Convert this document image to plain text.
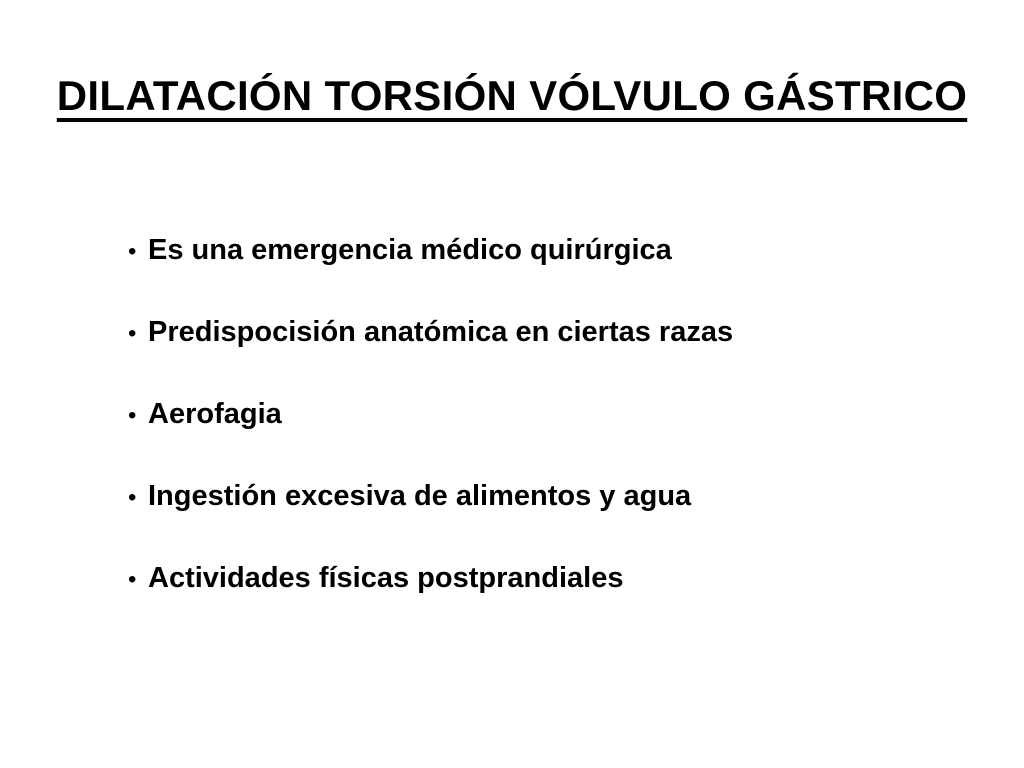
DILATACIÓN TORSIÓN VÓLVULO GÁSTRICO
• Es una emergencia médico quirúrgica
• Predispocisión anatómica en ciertas razas
• Aerofagia
• Ingestión excesiva de alimentos y agua
• Actividades físicas postprandiales
